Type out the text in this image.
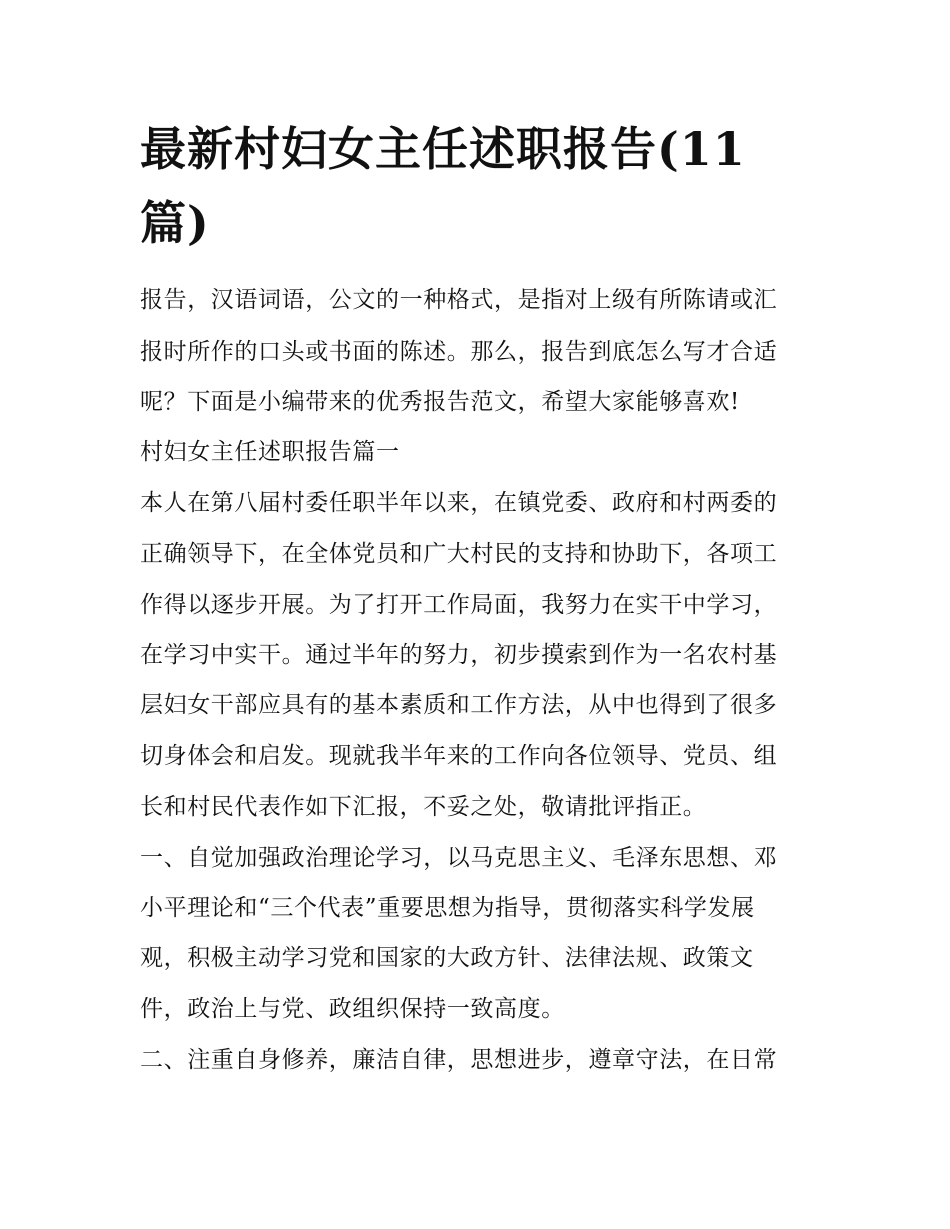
最新村妇女主任述职报告(11
篇)

报告，汉语词语，公文的一种格式，是指对上级有所陈请或汇

报时所作的口头或书面的陈述。那么，报告到底怎么写才合适

呢？下面是小编带来的优秀报告范文，希望大家能够喜欢!

村妇女主任述职报告篇一

本人在第八届村委任职半年以来，在镇党委、政府和村两委的

正确领导下，在全体党员和广大村民的支持和协助下，各项工

作得以逐步开展。为了打开工作局面，我努力在实干中学习，

在学习中实干。通过半年的努力，初步摸索到作为一名农村基

层妇女干部应具有的基本素质和工作方法，从中也得到了很多

切身体会和启发。现就我半年来的工作向各位领导、党员、组

长和村民代表作如下汇报，不妥之处，敬请批评指正。

一、自觉加强政治理论学习，以马克思主义、毛泽东思想、邓

小平理论和“三个代表”重要思想为指导，贯彻落实科学发展

观，积极主动学习党和国家的大政方针、法律法规、政策文

件，政治上与党、政组织保持一致高度。

二、注重自身修养，廉洁自律，思想进步，遵章守法，在日常
